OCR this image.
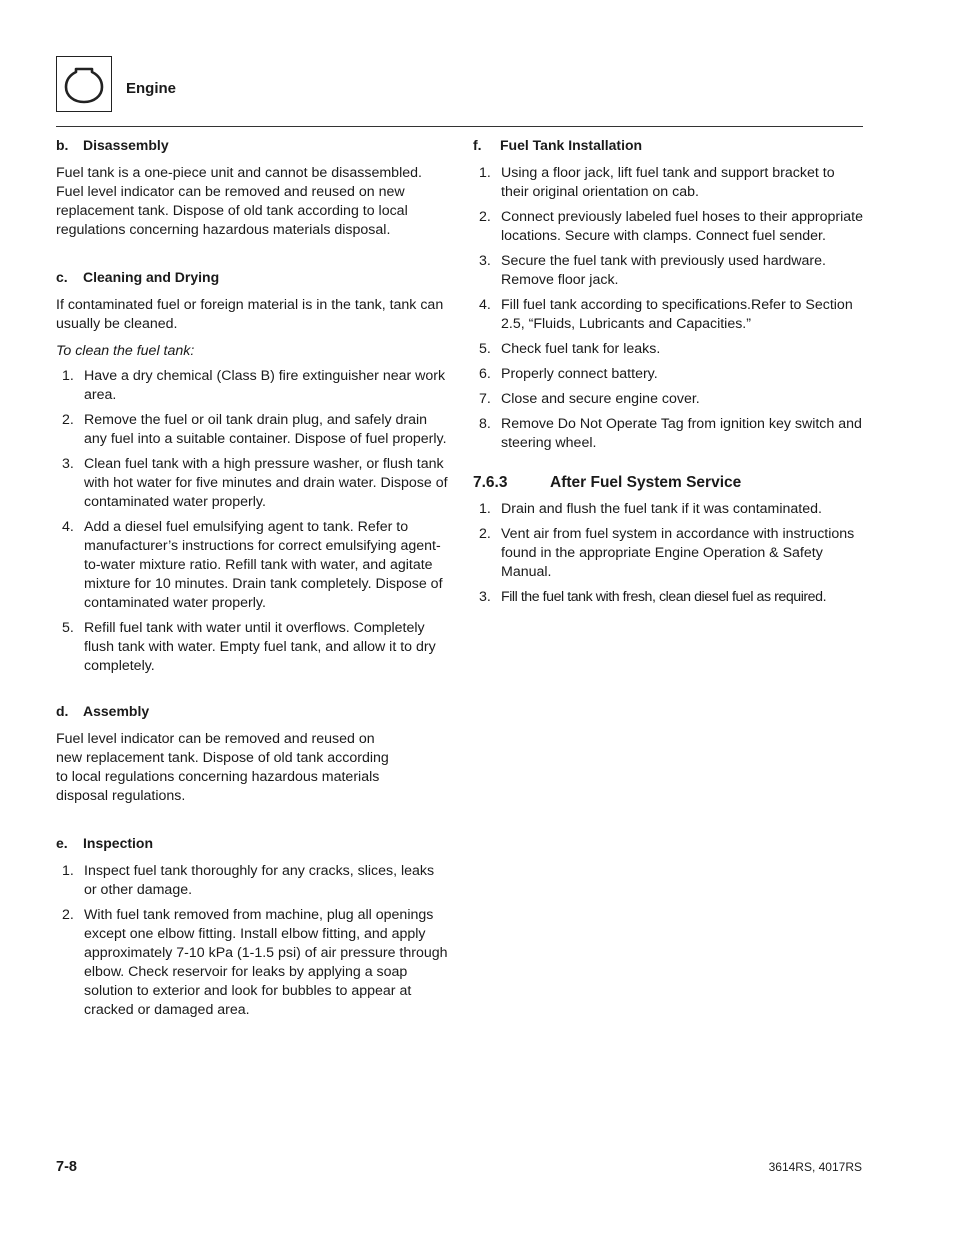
Engine
b.	Disassembly

Fuel tank is a one-piece unit and cannot be disassembled. Fuel level indicator can be removed and reused on new replacement tank. Dispose of old tank according to local regulations concerning hazardous materials disposal.

c.	Cleaning and Drying

If contaminated fuel or foreign material is in the tank, tank can usually be cleaned.

To clean the fuel tank:

1. Have a dry chemical (Class B) fire extinguisher near work area.
2. Remove the fuel or oil tank drain plug, and safely drain any fuel into a suitable container. Dispose of fuel properly.
3. Clean fuel tank with a high pressure washer, or flush tank with hot water for five minutes and drain water. Dispose of contaminated water properly.
4. Add a diesel fuel emulsifying agent to tank. Refer to manufacturer’s instructions for correct emulsifying agent-to-water mixture ratio. Refill tank with water, and agitate mixture for 10 minutes. Drain tank completely. Dispose of contaminated water properly.
5. Refill fuel tank with water until it overflows. Completely flush tank with water. Empty fuel tank, and allow it to dry completely.
d.	Assembly

Fuel level indicator can be removed and reused on new replacement tank. Dispose of old tank according to local regulations concerning hazardous materials disposal regulations.

e.	Inspection
1. Inspect fuel tank thoroughly for any cracks, slices, leaks or other damage.
2. With fuel tank removed from machine, plug all openings except one elbow fitting. Install elbow fitting, and apply approximately 7-10 kPa (1-1.5 psi) of air pressure through elbow. Check reservoir for leaks by applying a soap solution to exterior and look for bubbles to appear at cracked or damaged area.
f.	Fuel Tank Installation
1. Using a floor jack, lift fuel tank and support bracket to their original orientation on cab.
2. Connect previously labeled fuel hoses to their appropriate locations. Secure with clamps. Connect fuel sender.
3. Secure the fuel tank with previously used hardware. Remove floor jack.
4. Fill fuel tank according to specifications.Refer to Section 2.5, “Fluids, Lubricants and Capacities.”
5. Check fuel tank for leaks.
6. Properly connect battery.
7. Close and secure engine cover.
8. Remove Do Not Operate Tag from ignition key switch and steering wheel.
7.6.3	After Fuel System Service
1. Drain and flush the fuel tank if it was contaminated.
2. Vent air from fuel system in accordance with instructions found in the appropriate Engine Operation & Safety Manual.
3. Fill the fuel tank with fresh, clean diesel fuel as required.
7-8	3614RS, 4017RS
